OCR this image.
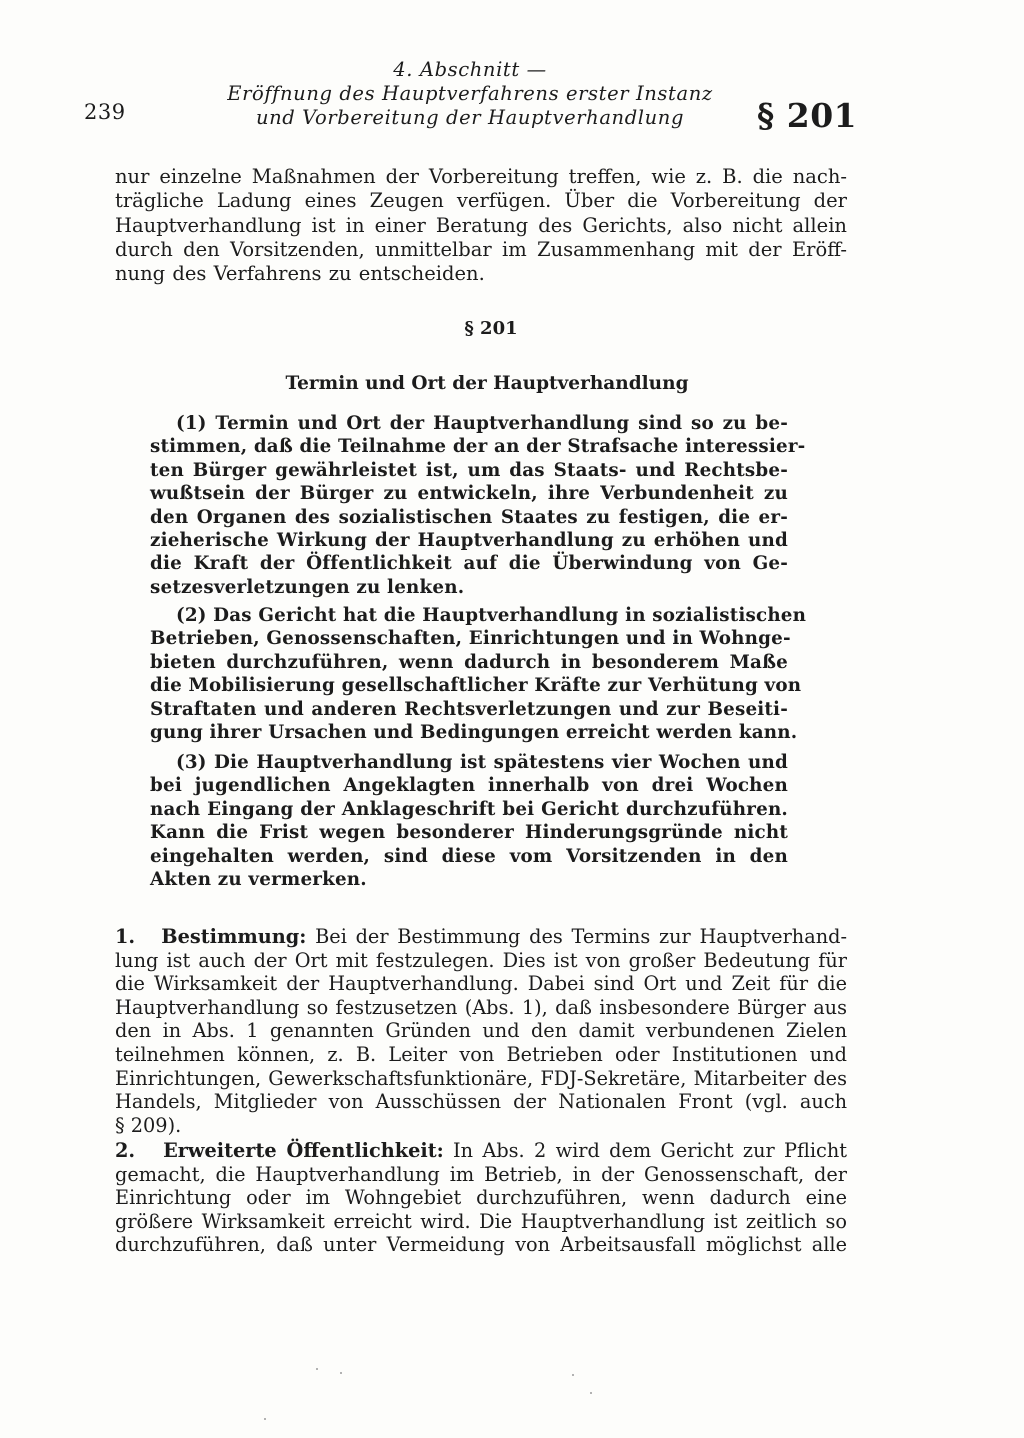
239
4. Abschnitt —
Eröffnung des Hauptverfahrens erster Instanz
und Vorbereitung der Hauptverhandlung	§ 201
nur einzelne Maßnahmen der Vorbereitung treffen, wie z. B. die nach-
trägliche Ladung eines Zeugen verfügen. Über die Vorbereitung der
Hauptverhandlung ist in einer Beratung des Gerichts, also nicht allein
durch den Vorsitzenden, unmittelbar im Zusammenhang mit der Eröff-
nung des Verfahrens zu entscheiden.
§ 201
Termin und Ort der Hauptverhandlung
(1) Termin und Ort der Hauptverhandlung sind so zu be-
stimmen, daß die Teilnahme der an der Strafsache interessier-
ten Bürger gewährleistet ist, um das Staats- und Rechtsbe-
wußtsein der Bürger zu entwickeln, ihre Verbundenheit zu
den Organen des sozialistischen Staates zu festigen, die er-
zieherische Wirkung der Hauptverhandlung zu erhöhen und
die Kraft der Öffentlichkeit auf die Überwindung von Ge-
setzesverletzungen zu lenken.
(2) Das Gericht hat die Hauptverhandlung in sozialistischen
Betrieben, Genossenschaften, Einrichtungen und in Wohnge-
bieten durchzuführen, wenn dadurch in besonderem Maße
die Mobilisierung gesellschaftlicher Kräfte zur Verhütung von
Straftaten und anderen Rechtsverletzungen und zur Beseiti-
gung ihrer Ursachen und Bedingungen erreicht werden kann.
(3) Die Hauptverhandlung ist spätestens vier Wochen und
bei jugendlichen Angeklagten innerhalb von drei Wochen
nach Eingang der Anklageschrift bei Gericht durchzuführen.
Kann die Frist wegen besonderer Hinderungsgründe nicht
eingehalten werden, sind diese vom Vorsitzenden in den
Akten zu vermerken.
1. Bestimmung: Bei der Bestimmung des Termins zur Hauptverhand-
lung ist auch der Ort mit festzulegen. Dies ist von großer Bedeutung für
die Wirksamkeit der Hauptverhandlung. Dabei sind Ort und Zeit für die
Hauptverhandlung so festzusetzen (Abs. 1), daß insbesondere Bürger aus
den in Abs. 1 genannten Gründen und den damit verbundenen Zielen
teilnehmen können, z. B. Leiter von Betrieben oder Institutionen und
Einrichtungen, Gewerkschaftsfunktionäre, FDJ-Sekretäre, Mitarbeiter des
Handels, Mitglieder von Ausschüssen der Nationalen Front (vgl. auch
§ 209).
2. Erweiterte Öffentlichkeit: In Abs. 2 wird dem Gericht zur Pflicht
gemacht, die Hauptverhandlung im Betrieb, in der Genossenschaft, der
Einrichtung oder im Wohngebiet durchzuführen, wenn dadurch eine
größere Wirksamkeit erreicht wird. Die Hauptverhandlung ist zeitlich so
durchzuführen, daß unter Vermeidung von Arbeitsausfall möglichst alle
